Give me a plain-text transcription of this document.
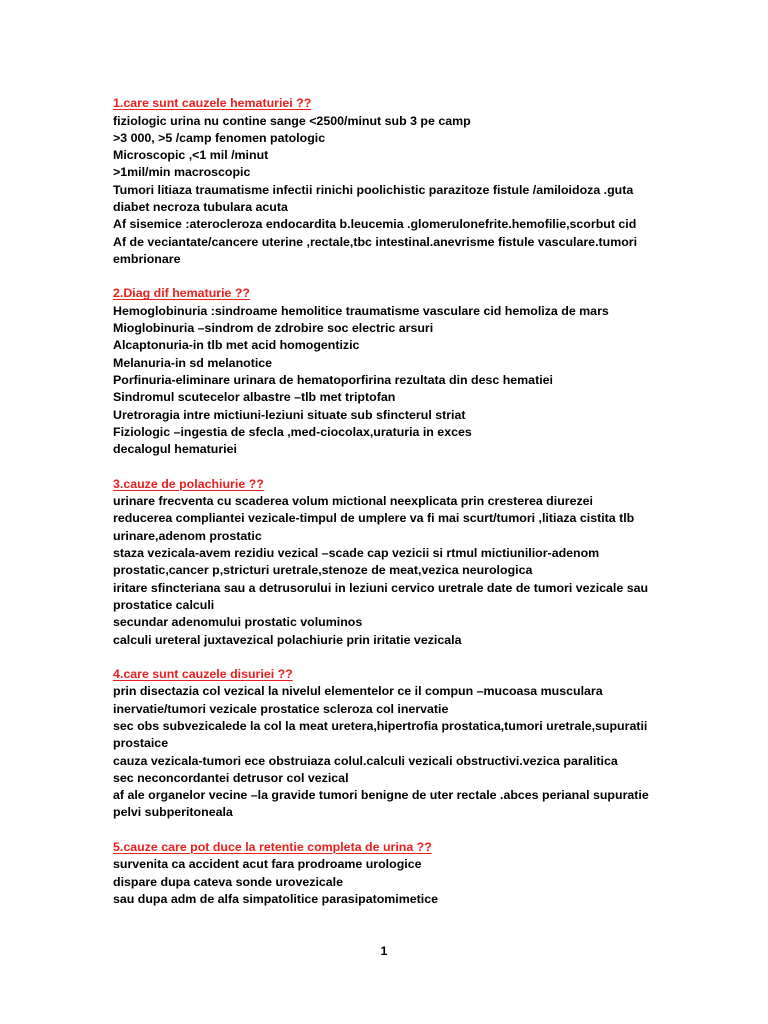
1.care sunt cauzele hematuriei ??

fiziologic urina nu contine sange <2500/minut sub 3 pe camp

>3 000, >5 /camp fenomen patologic

Microscopic ,<1 mil /minut

>1mil/min macroscopic

Tumori litiaza traumatisme infectii rinichi poolichistic parazitoze fistule /amiloidoza .guta diabet necroza tubulara acuta

Af sisemice :aterocleroza endocardita b.leucemia .glomerulonefrite.hemofilie,scorbut cid

Af de veciantate/cancere uterine ,rectale,tbc intestinal.anevrisme fistule vasculare.tumori embrionare

2.Diag dif hematurie ??

Hemoglobinuria :sindroame hemolitice traumatisme vasculare cid hemoliza de mars

Mioglobinuria –sindrom de zdrobire soc electric arsuri

Alcaptonuria-in tlb met acid homogentizic

Melanuria-in sd melanotice

Porfinuria-eliminare urinara de hematoporfirina rezultata din desc hematiei

Sindromul scutecelor albastre –tlb met triptofan

Uretroragia intre mictiuni-leziuni situate sub sfincterul striat

Fiziologic –ingestia de sfecla ,med-ciocolax,uraturia in exces

decalogul hematuriei

3.cauze de polachiurie ??

urinare frecventa cu scaderea volum mictional neexplicata prin cresterea diurezei

reducerea compliantei vezicale-timpul de umplere va fi mai scurt/tumori ,litiaza cistita tlb urinare,adenom prostatic

staza vezicala-avem rezidiu vezical –scade cap vezicii si rtmul mictiunilior-adenom prostatic,cancer p,stricturi uretrale,stenoze de meat,vezica neurologica

iritare sfincteriana sau a detrusorului in leziuni cervico uretrale date de tumori vezicale sau prostatice calculi

secundar adenomului prostatic voluminos

calculi ureteral juxtavezical polachiurie prin iritatie vezicala

4.care sunt cauzele disuriei ??

prin disectazia col vezical la nivelul elementelor ce il compun –mucoasa musculara inervatie/tumori vezicale prostatice scleroza col inervatie

sec obs subvezicalede la col la meat uretera,hipertrofia prostatica,tumori uretrale,supuratii prostaice

cauza vezicala-tumori ece obstruiaza colul.calculi vezicali obstructivi.vezica paralitica

sec neconcordantei detrusor col vezical

af ale organelor vecine –la gravide tumori benigne de uter rectale .abces perianal supuratie pelvi subperitoneala

5.cauze care pot duce la retentie completa de urina ??

survenita ca accident acut fara prodroame urologice

dispare dupa cateva sonde urovezicale

sau dupa adm de alfa simpatolitice parasipatomimetice

1
